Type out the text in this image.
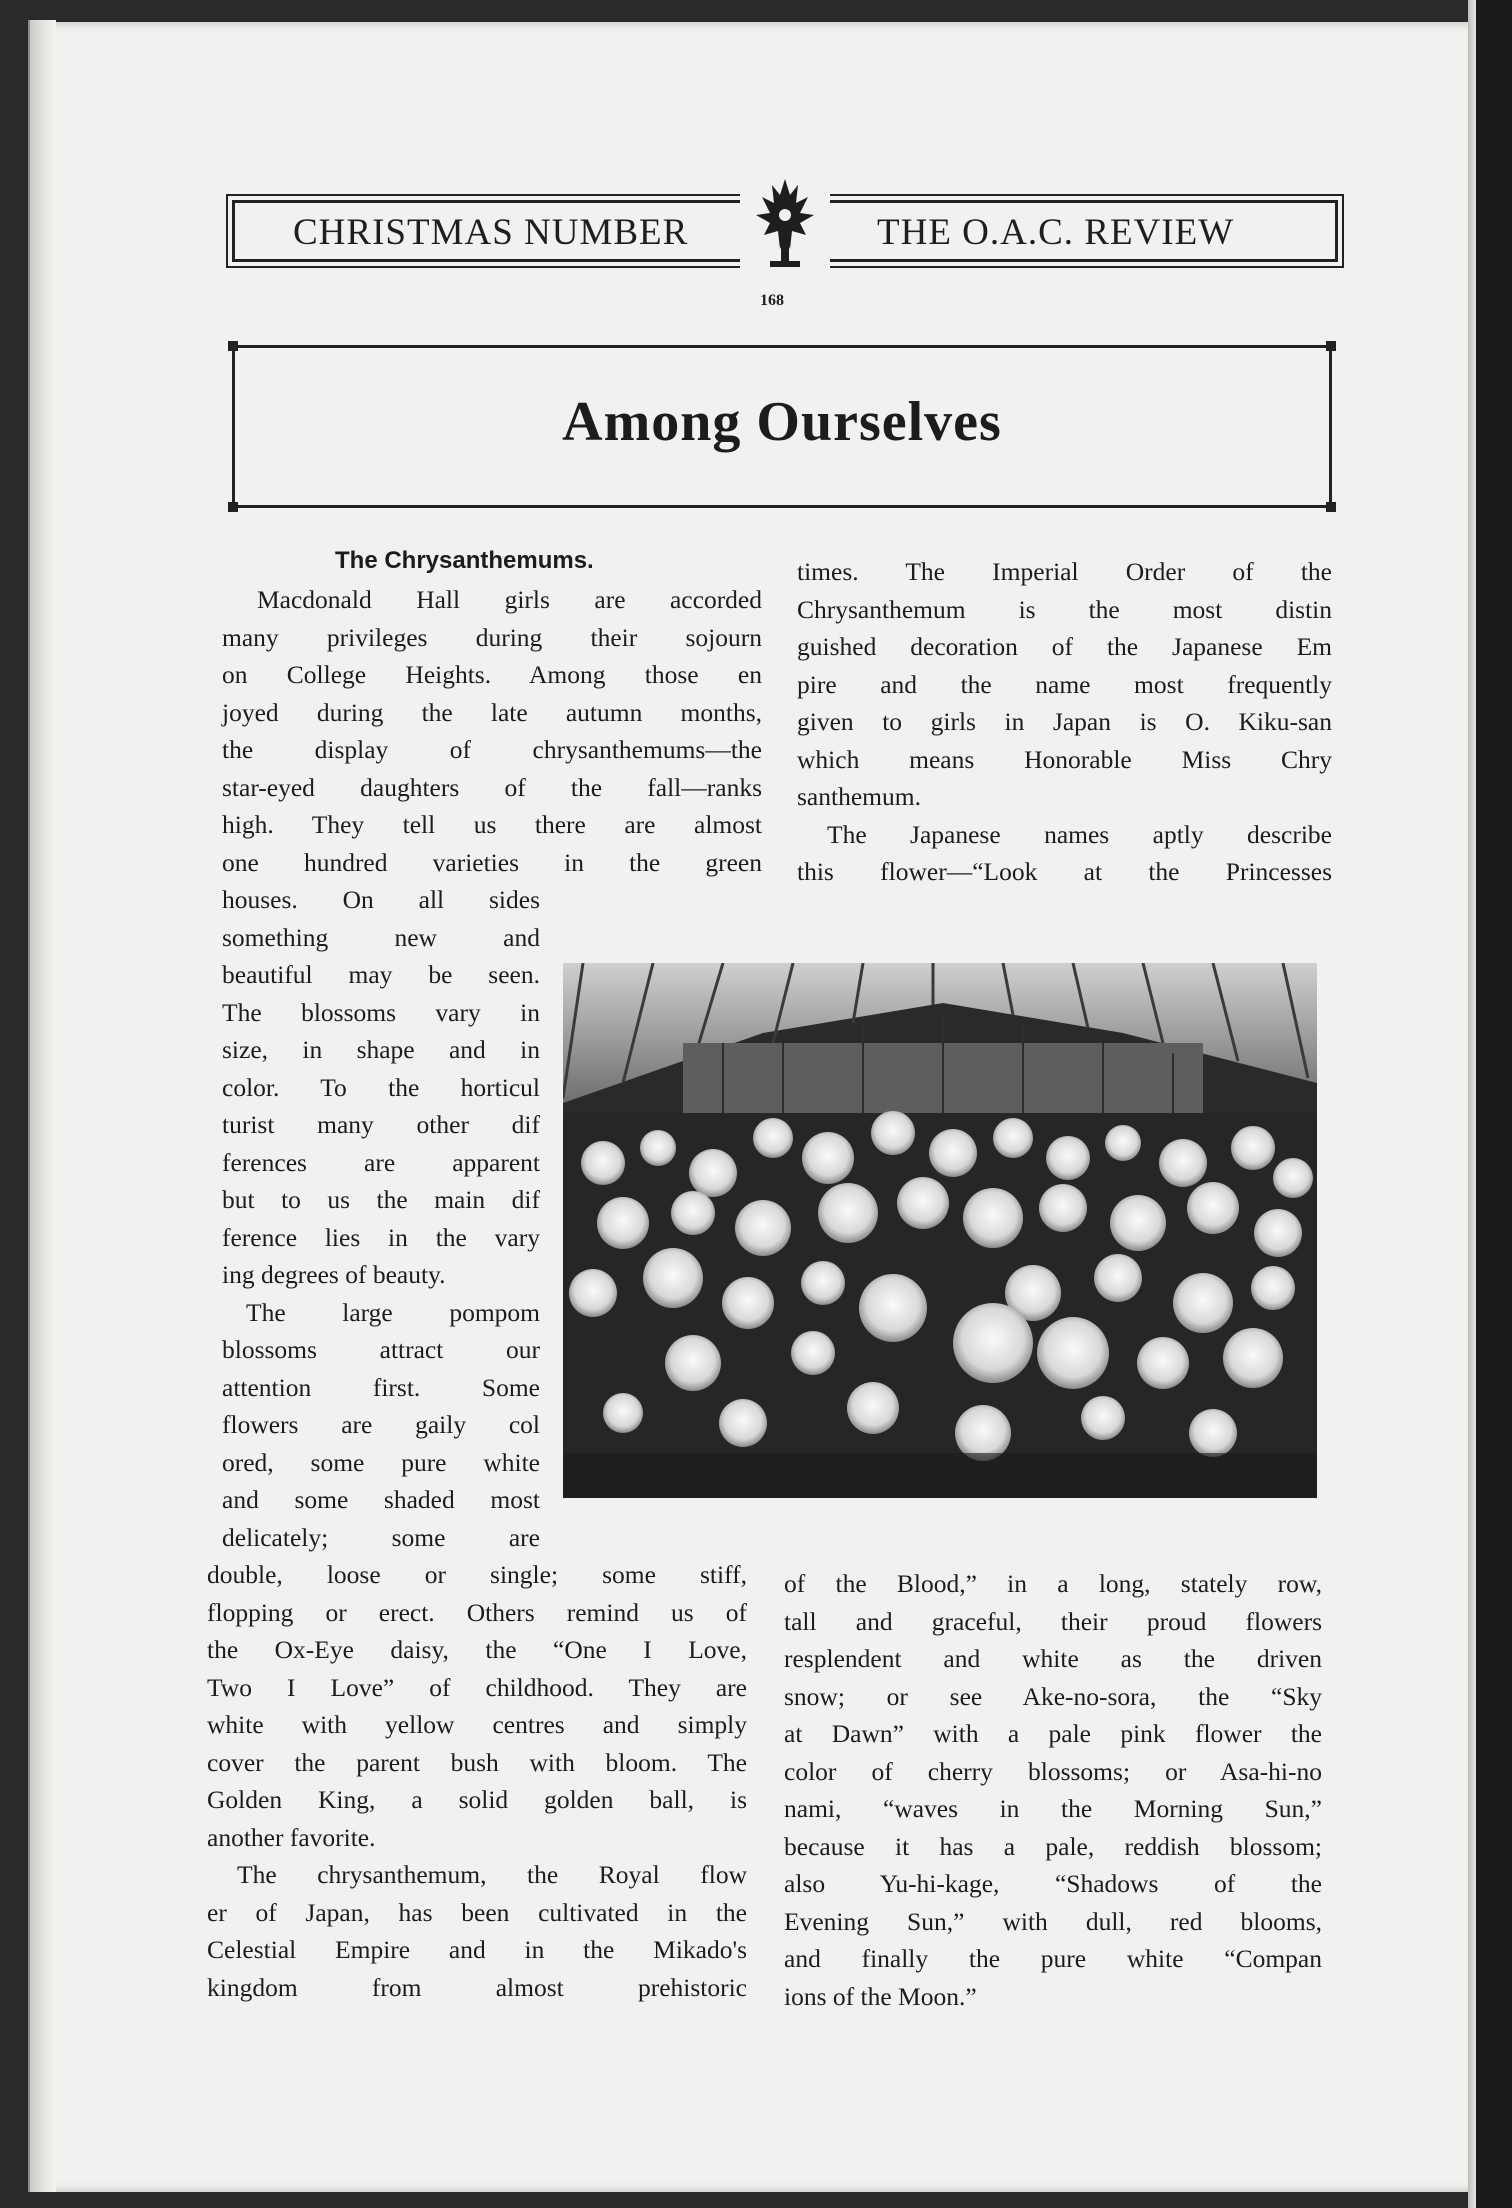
CHRISTMAS NUMBER	THE O.A.C. REVIEW
168
Among Ourselves
The Chrysanthemums.
Macdonald Hall girls are accorded
many privileges during their sojourn
on College Heights. Among those en
joyed during the late autumn months,
the display of chrysanthemums—the
star-eyed daughters of the fall—ranks
high. They tell us there are almost
one hundred varieties in the green
houses. On all sides
something new and
beautiful may be seen.
The blossoms vary in
size, in shape and in
color. To the horticul
turist many other dif
ferences are apparent
but to us the main dif
ference lies in the vary
ing degrees of beauty.
The large pompom
blossoms attract our
attention first. Some
flowers are gaily col
ored, some pure white
and some shaded most
delicately; some are
double, loose or single; some stiff,
flopping or erect. Others remind us of
the Ox-Eye daisy, the “One I Love,
Two I Love” of childhood. They are
white with yellow centres and simply
cover the parent bush with bloom. The
Golden King, a solid golden ball, is
another favorite.
The chrysanthemum, the Royal flow
er of Japan, has been cultivated in the
Celestial Empire and in the Mikado's
kingdom from almost prehistoric
times. The Imperial Order of the
Chrysanthemum is the most distin
guished decoration of the Japanese Em
pire and the name most frequently
given to girls in Japan is O. Kiku-san
which means Honorable Miss Chry
santhemum.
The Japanese names aptly describe
this flower—“Look at the Princesses
of the Blood,” in a long, stately row,
tall and graceful, their proud flowers
resplendent and white as the driven
snow; or see Ake-no-sora, the “Sky
at Dawn” with a pale pink flower the
color of cherry blossoms; or Asa-hi-no
nami, “waves in the Morning Sun,”
because it has a pale, reddish blossom;
also Yu-hi-kage, “Shadows of the
Evening Sun,” with dull, red blooms,
and finally the pure white “Compan
ions of the Moon.”
